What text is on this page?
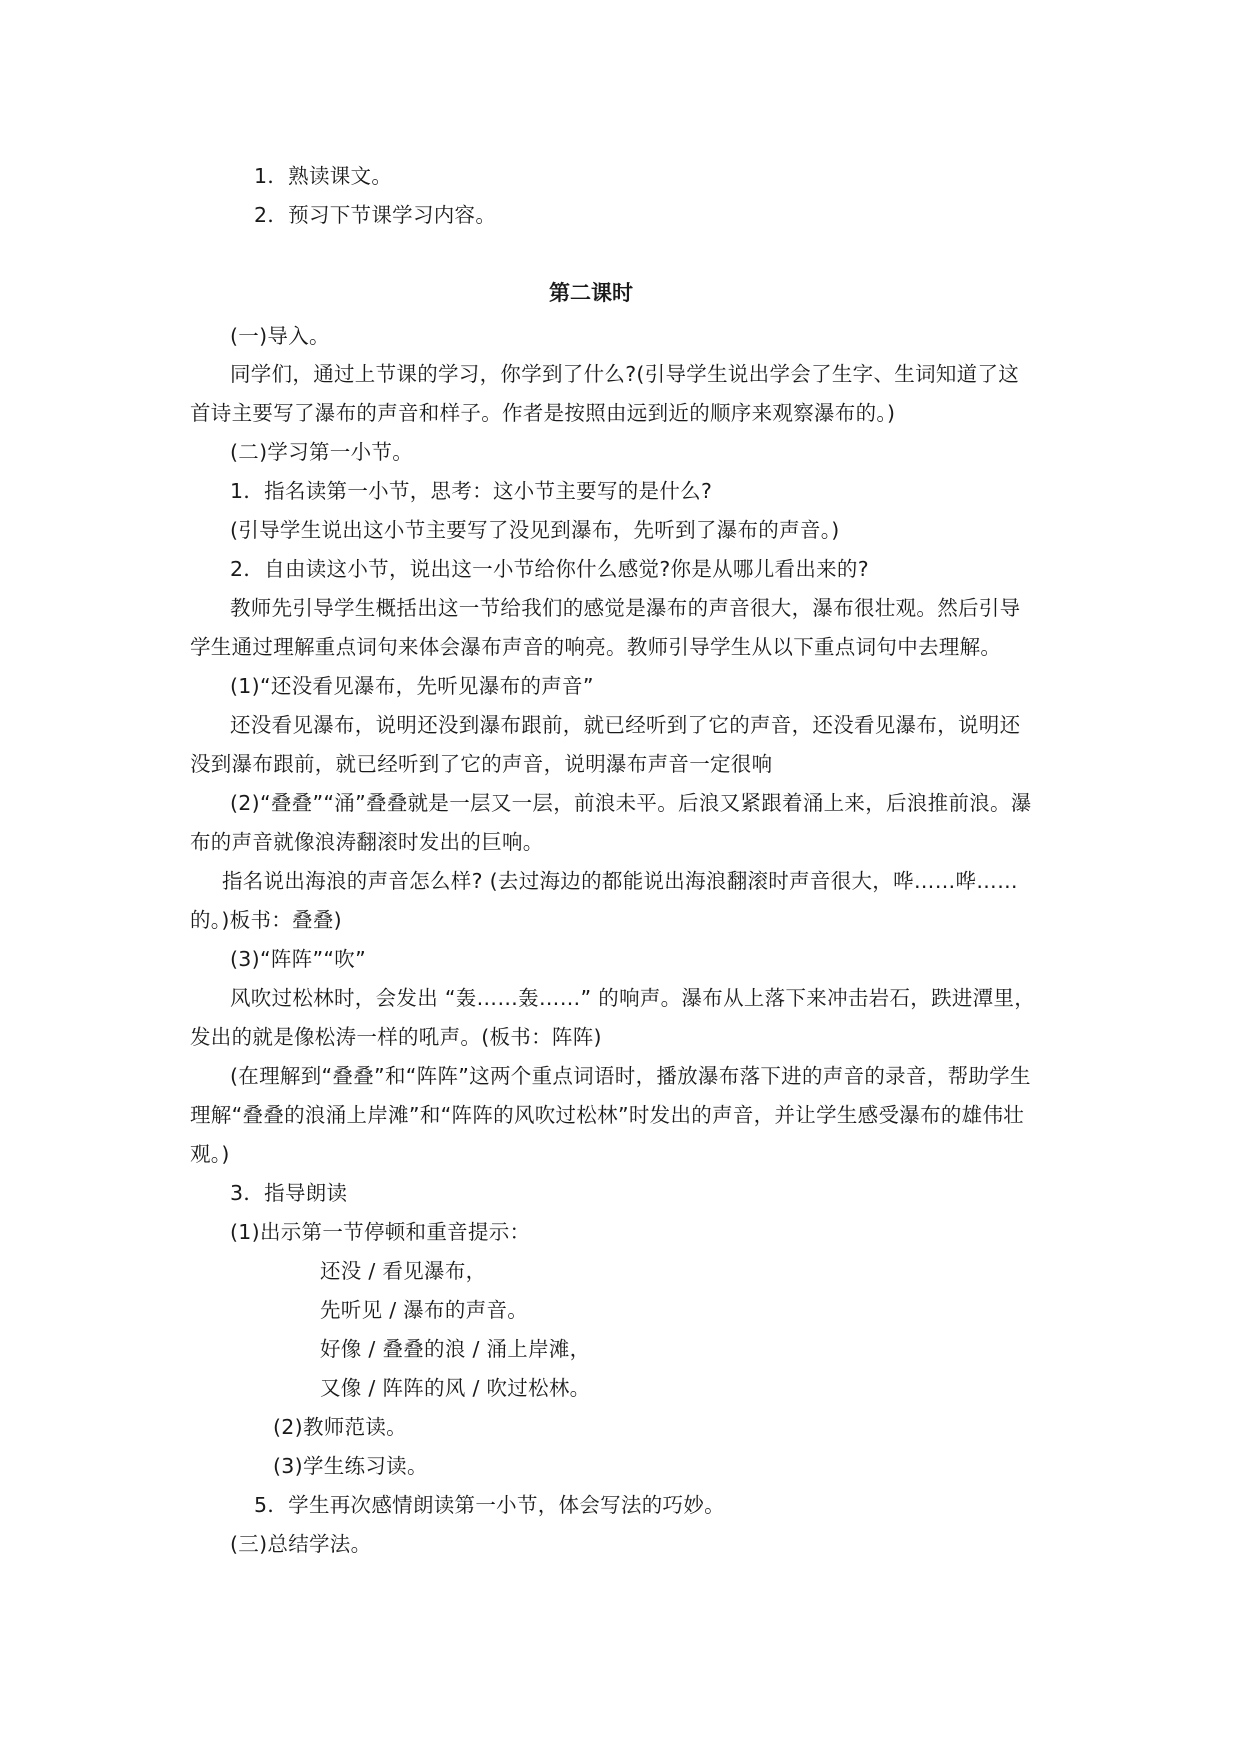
1．熟读课文。
2．预习下节课学习内容。
第二课时
(一)导入。
同学们，通过上节课的学习，你学到了什么?(引导学生说出学会了生字、生词知道了这
首诗主要写了瀑布的声音和样子。作者是按照由远到近的顺序来观察瀑布的。)
(二)学习第一小节。
1．指名读第一小节，思考：这小节主要写的是什么?
(引导学生说出这小节主要写了没见到瀑布，先听到了瀑布的声音。)
2．自由读这小节，说出这一小节给你什么感觉?你是从哪儿看出来的?
教师先引导学生概括出这一节给我们的感觉是瀑布的声音很大，瀑布很壮观。然后引导
学生通过理解重点词句来体会瀑布声音的响亮。教师引导学生从以下重点词句中去理解。
(1)“还没看见瀑布，先听见瀑布的声音”
还没看见瀑布，说明还没到瀑布跟前，就已经听到了它的声音，还没看见瀑布，说明还
没到瀑布跟前，就已经听到了它的声音，说明瀑布声音一定很响
(2)“叠叠”“涌”叠叠就是一层又一层，前浪未平。后浪又紧跟着涌上来，后浪推前浪。瀑
布的声音就像浪涛翻滚时发出的巨响。
指名说出海浪的声音怎么样? (去过海边的都能说出海浪翻滚时声音很大，哗……哗……
的。)板书：叠叠)
(3)“阵阵”“吹”
风吹过松林时，会发出 “轰……轰……” 的响声。瀑布从上落下来冲击岩石，跌进潭里，
发出的就是像松涛一样的吼声。(板书：阵阵)
(在理解到“叠叠”和“阵阵”这两个重点词语时，播放瀑布落下进的声音的录音，帮助学生
理解“叠叠的浪涌上岸滩”和“阵阵的风吹过松林”时发出的声音，并让学生感受瀑布的雄伟壮
观。)
3．指导朗读
(1)出示第一节停顿和重音提示：
还没 / 看见瀑布，
先听见 / 瀑布的声音。
好像 / 叠叠的浪 / 涌上岸滩，
又像 / 阵阵的风 / 吹过松林。
(2)教师范读。
(3)学生练习读。
5．学生再次感情朗读第一小节，体会写法的巧妙。
(三)总结学法。
